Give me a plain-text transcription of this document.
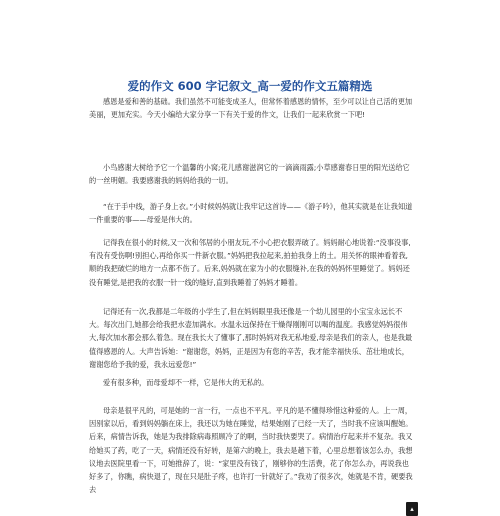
爱的作文 600 字记叙文_高一爱的作文五篇精选
感恩是爱和善的基础。我们虽然不可能变成圣人，但常怀着感恩的情怀，至少可以让自己活的更加美丽，更加充实。今天小编给大家分享一下有关于爱的作文，让我们一起来欣赏一下吧!
小鸟感谢大树给予它一个温馨的小窝;花儿感谢滋润它的一滴滴雨露;小草感谢春日里的阳光送给它的一丝明媚。我要感谢我的妈妈给我的一切。
“在于手中线，游子身上衣。”小时候妈妈就让我牢记这首诗——《游子吟》，他其实就是在让我知道一件重要的事——母爱是伟大的。
记得我在很小的时候,又一次和邻居的小朋友玩,不小心把衣服弄破了。妈妈耐心地说着:“没事没事,有没有受伤啊!别担心,再给你买一件新衣服。”妈妈把我拉起来,拍拍我身上的土。用关怀的眼神看着我,顺的我把破烂的地方一点都不伤了。后来,妈妈就在家为小的衣服缝补,在我的妈妈怀里睡觉了。妈妈还没有睡觉,是把我的衣服一针一线的缝好,直到我睡着了妈妈才睡着。
记得还有一次,我都是二年级的小学生了,但在妈妈眼里我还像是一个幼儿园里的小宝宝永远长不大。每次出门,她都会给我把水壶加满水。水温永远保持在干燥得刚刚可以喝的温度。我感觉妈妈很伟大,每次加水都会那么着急。现在我长大了懂事了,那时妈妈对我无私地爱,母亲是我们的亲人，也是我最值得感恩的人。大声告诉她：“谢谢您，妈妈，正是因为有您的辛苦，我才能幸福快乐、茁壮地成长，谢谢您给予我的爱，我永远爱您!”
爱有很多种，而母爱却不一样，它是伟大的无私的。
母亲是很平凡的，可是她的一言一行，一点也不平凡。平凡的是不懂得珍惜这种爱的人。上一周，因别家以后，看到妈妈躺在床上，我还以为她在睡觉，结果她刚了已经一天了，当时我不应该叫醒她。后来，病情告诉我，她是为我排除病毒照顾冷了的啊，当时我快要哭了。病情治疗起来并不复杂。我又给她买了药，吃了一天，病情还没有好转，是第六的晚上，我去是趟下着，心里总想着该怎么办，我想议地去医院里看一下，可她推辞了，说：“家里没有钱了，刚够你的生活费，花了你怎么办，再说我也好多了，你瞧，病快退了，现在只是肚子疼，也许打一针就好了。”我劝了很多次，她就是不肯，硬要我去
▴
